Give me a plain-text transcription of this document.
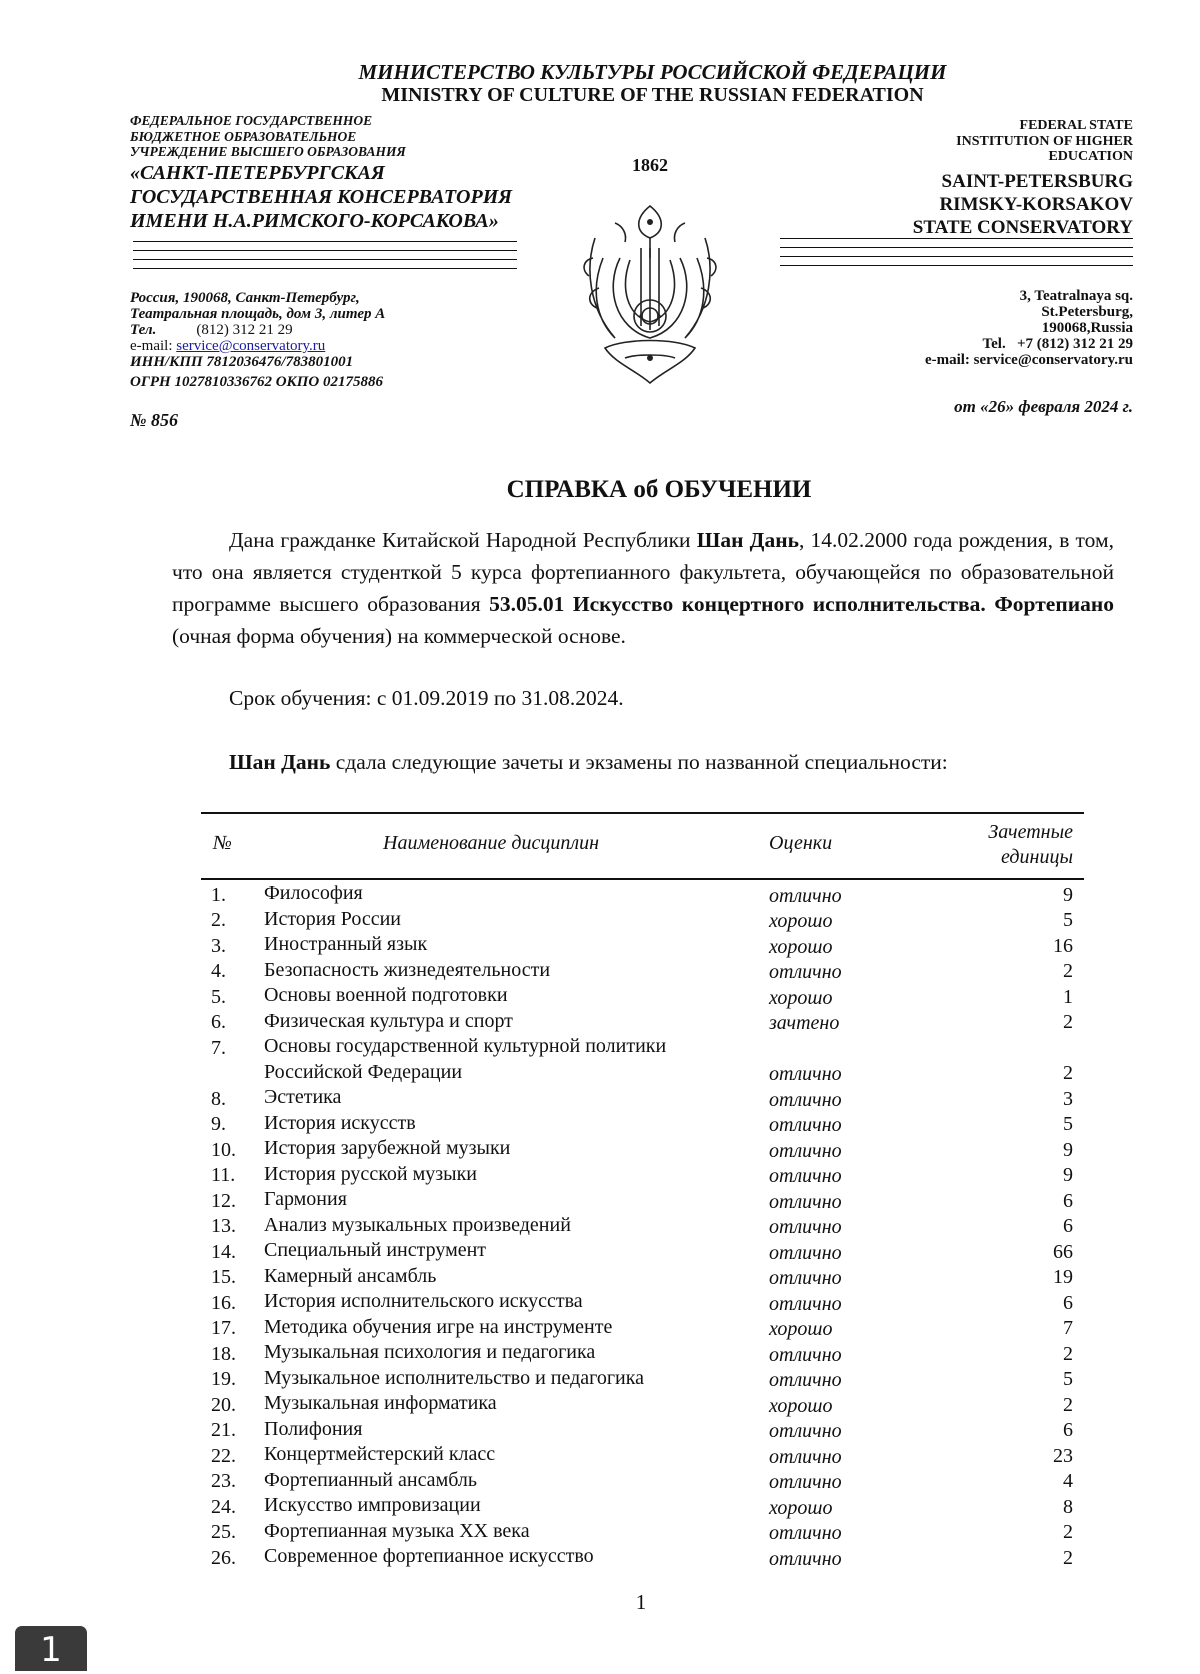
МИНИСТЕРСТВО КУЛЬТУРЫ РОССИЙСКОЙ ФЕДЕРАЦИИ
MINISTRY OF CULTURE OF THE RUSSIAN FEDERATION
ФЕДЕРАЛЬНОЕ ГОСУДАРСТВЕННОЕ
БЮДЖЕТНОЕ ОБРАЗОВАТЕЛЬНОЕ
УЧРЕЖДЕНИЕ ВЫСШЕГО ОБРАЗОВАНИЯ
«САНКТ-ПЕТЕРБУРГСКАЯ
ГОСУДАРСТВЕННАЯ КОНСЕРВАТОРИЯ
ИМЕНИ Н.А.РИМСКОГО-КОРСАКОВА»
1862
FEDERAL STATE
INSTITUTION OF HIGHER
EDUCATION
SAINT-PETERSBURG
RIMSKY-KORSAKOV
STATE CONSERVATORY
Россия, 190068, Санкт-Петербург,
Театральная площадь, дом 3, литер А
Тел.	(812) 312 21 29
e-mail: service@conservatory.ru
ИНН/КПП 7812036476/783801001
ОГРН 1027810336762 ОКПО 02175886
№ 856
3, Teatralnaya sq.
St.Petersburg,
190068,Russia
Tel.   +7 (812) 312 21 29
e-mail: service@conservatory.ru
от «26» февраля 2024 г.
СПРАВКА об ОБУЧЕНИИ

Дана гражданке Китайской Народной Республики Шан Дань, 14.02.2000 года рождения, в том, что она является студенткой 5 курса фортепианного факультета, обучающейся по образовательной программе высшего образования 53.05.01 Искусство концертного исполнительства. Фортепиано (очная форма обучения) на коммерческой основе.

Срок обучения: с 01.09.2019 по 31.08.2024.
Шан Дань сдала следующие зачеты и экзамены по названной специальности:
№	Наименование дисциплин	Оценки	Зачетные
единицы
1. Философия	отлично	9
2. История России	хорошо	5
3. Иностранный язык	хорошо	16
4. Безопасность жизнедеятельности	отлично	2
5. Основы военной подготовки	хорошо	1
6. Физическая культура и спорт	зачтено	2
7. Основы государственной культурной политики
Российской Федерации	отлично	2
8. Эстетика	отлично	3
9. История искусств	отлично	5
10. История зарубежной музыки	отлично	9
11. История русской музыки	отлично	9
12. Гармония	отлично	6
13. Анализ музыкальных произведений	отлично	6
14. Специальный инструмент	отлично	66
15. Камерный ансамбль	отлично	19
16. История исполнительского искусства	отлично	6
17. Методика обучения игре на инструменте	хорошо	7
18. Музыкальная психология и педагогика	отлично	2
19. Музыкальное исполнительство и педагогика	отлично	5
20. Музыкальная информатика	хорошо	2
21. Полифония	отлично	6
22. Концертмейстерский класс	отлично	23
23. Фортепианный ансамбль	отлично	4
24. Искусство импровизации	хорошо	8
25. Фортепианная музыка XX века	отлично	2
26. Современное фортепианное искусство	отлично	2
1
1
